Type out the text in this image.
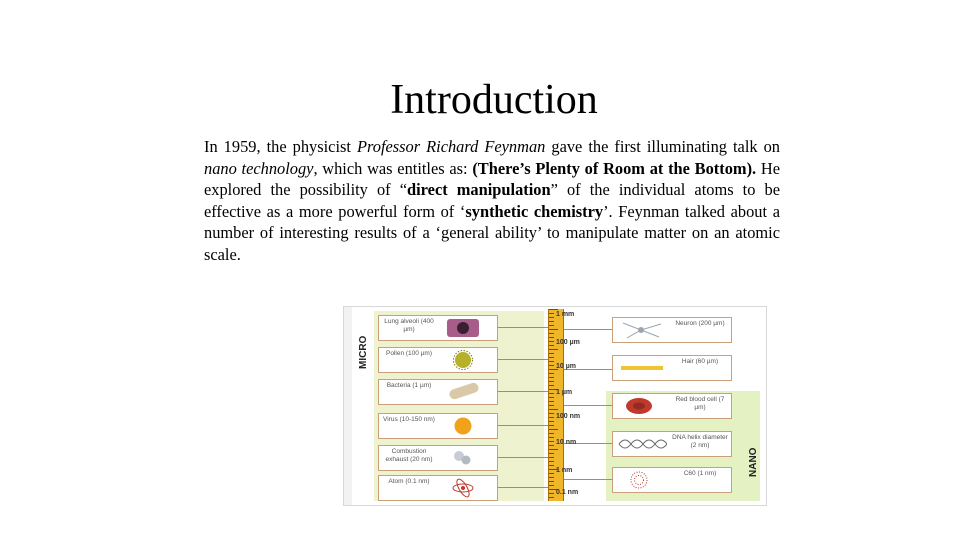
Introduction
In 1959, the physicist Professor Richard Feynman gave the first illuminating talk on nano technology, which was entitles as: (There’s Plenty of Room at the Bottom). He explored the possibility of “direct manipulation” of the individual atoms to be effective as a more powerful form of ‘synthetic chemistry’. Feynman talked about a number of interesting results of a ‘general ability’ to manipulate matter on an atomic scale.
MICRO
NANO
Lung alveoli (400 µm)
Pollen (100 µm)
Bacteria (1 µm)
Virus (10-150 nm)
Combustion exhaust (20 nm)
Atom (0.1 nm)
1 mm
100 µm
10 µm
1 µm
100 nm
10 nm
1 nm
0.1 nm
Neuron (200 µm)
Hair (60 µm)
Red blood cell (7 µm)
DNA helix diameter (2 nm)
C60 (1 nm)
